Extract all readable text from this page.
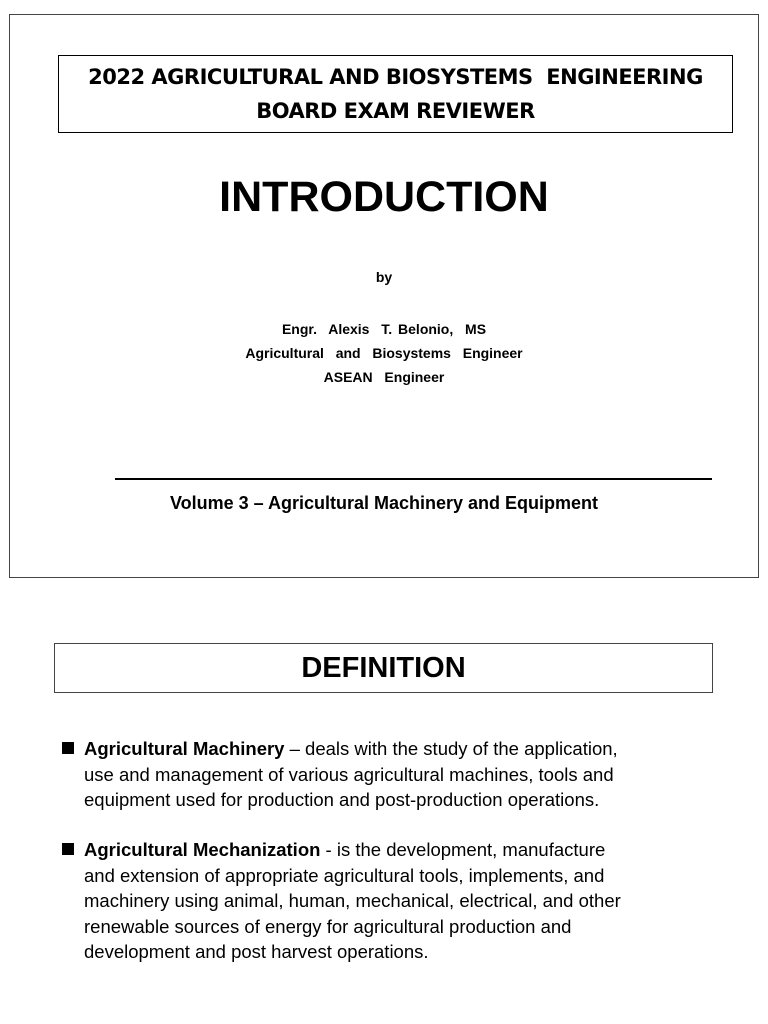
2022 AGRICULTURAL AND BIOSYSTEMS  ENGINEERING
BOARD EXAM REVIEWER
INTRODUCTION
by
Engr.  Alexis  T. Belonio,  MS
Agricultural  and  Biosystems  Engineer
ASEAN  Engineer
Volume 3 – Agricultural Machinery and Equipment
DEFINITION
Agricultural Machinery – deals with the study of the application,
use and management of various agricultural machines, tools and
equipment used for production and post-production operations.
Agricultural Mechanization - is the development, manufacture
and extension of appropriate agricultural tools, implements, and
machinery using animal, human, mechanical, electrical, and other
renewable sources of energy for agricultural production and
development and post harvest operations.
